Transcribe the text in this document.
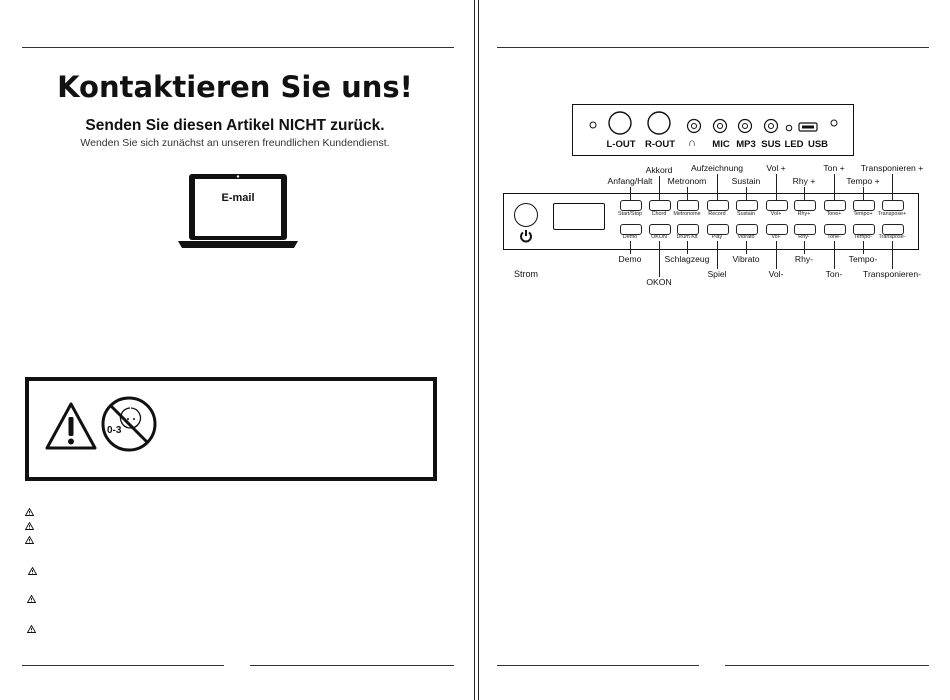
Kontaktieren Sie uns!
Senden Sie diesen Artikel NICHT zurück.
Wenden Sie sich zunächst an unseren freundlichen Kundendienst.
E-mail
0-3
L-OUT R-OUT ∩ MIC MP3 SUS LED USB
Start/Stop
Demo
Anfang/Halt
Demo
Chord
OKON
Akkord
OKON
Metronome
Drum Kit
Metronom
Schlagzeug
Record
Play
Aufzeichnung
Spiel
Sustain
Vibrato
Sustain
Vibrato
Vol+
Vol-
Vol +
Vol-
Rhy+
Rhy-
Rhy +
Rhy-
Tone+
Tone-
Ton +
Ton-
Tempo+
Tempo-
Tempo +
Tempo-
Transpose+
Transpose-
Transponieren +
Transponieren-
Strom
